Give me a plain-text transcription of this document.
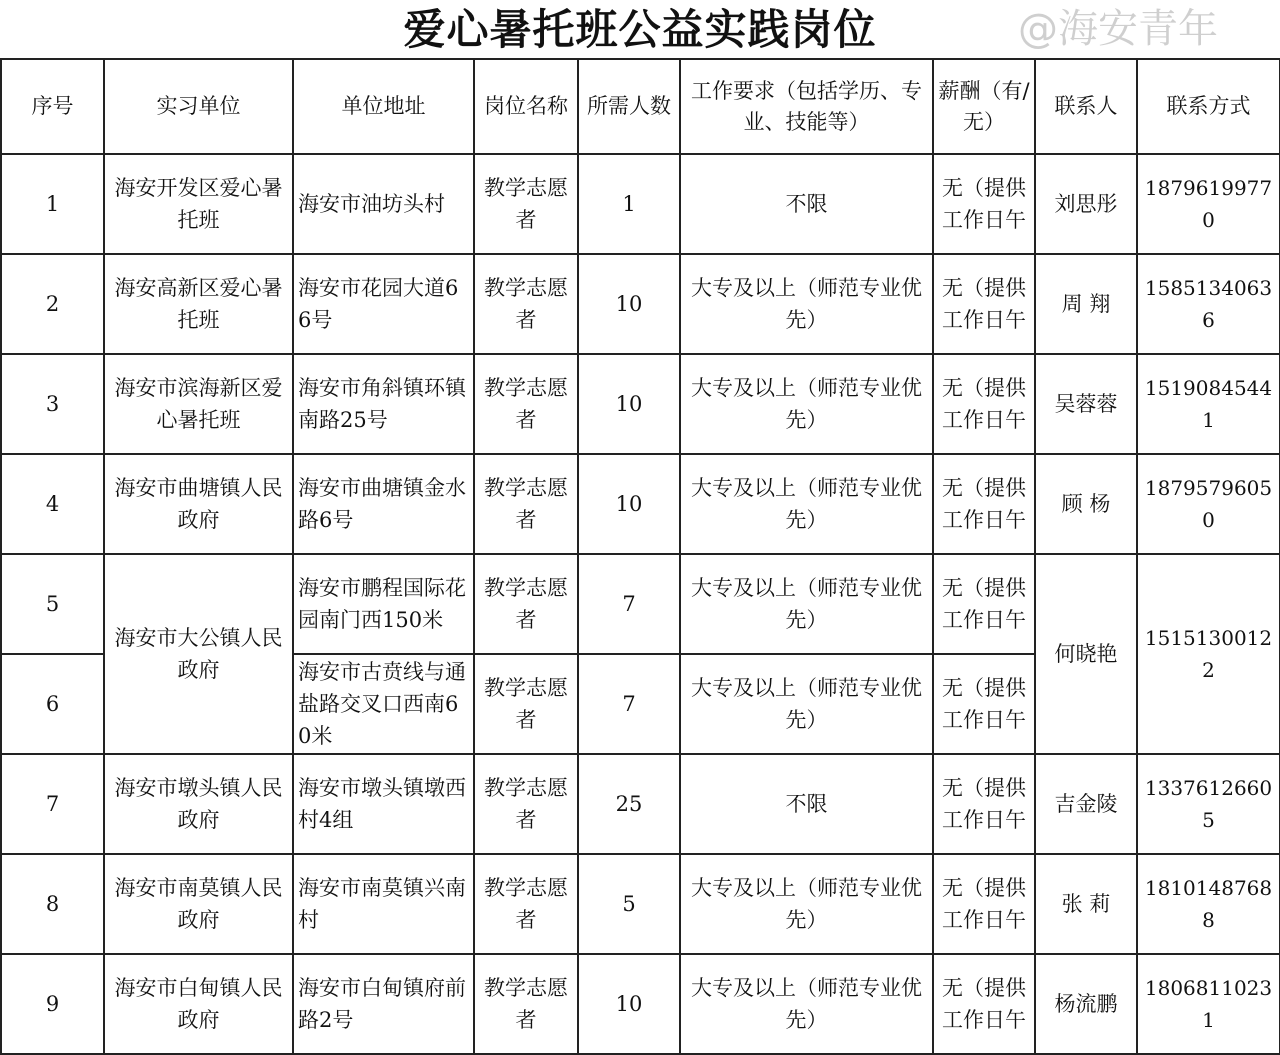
爱心暑托班公益实践岗位	@海安青年
序号	实习单位	单位地址	岗位名称	所需人数	工作要求（包括学历、专业、技能等）	薪酬（有/无）	联系人	联系方式
1	海安开发区爱心暑托班	海安市油坊头村	教学志愿者	1	不限	无（提供工作日午	刘思彤	18796199770
2	海安高新区爱心暑托班	海安市花园大道66号	教学志愿者	10	大专及以上（师范专业优先）	无（提供工作日午	周 翔	15851340636
3	海安市滨海新区爱心暑托班	海安市角斜镇环镇南路25号	教学志愿者	10	大专及以上（师范专业优先）	无（提供工作日午	吴蓉蓉	15190845441
4	海安市曲塘镇人民政府	海安市曲塘镇金水路6号	教学志愿者	10	大专及以上（师范专业优先）	无（提供工作日午	顾 杨	18795796050
5	海安市大公镇人民政府	海安市鹏程国际花园南门西150米	教学志愿者	7	大专及以上（师范专业优先）	无（提供工作日午	何晓艳	15151300122
6		海安市古贲线与通盐路交叉口西南60米	教学志愿者	7	大专及以上（师范专业优先）	无（提供工作日午		
7	海安市墩头镇人民政府	海安市墩头镇墩西村4组	教学志愿者	25	不限	无（提供工作日午	吉金陵	13376126605
8	海安市南莫镇人民政府	海安市南莫镇兴南村	教学志愿者	5	大专及以上（师范专业优先）	无（提供工作日午	张 莉	18101487688
9	海安市白甸镇人民政府	海安市白甸镇府前路2号	教学志愿者	10	大专及以上（师范专业优先）	无（提供工作日午	杨流鹏	18068110231
